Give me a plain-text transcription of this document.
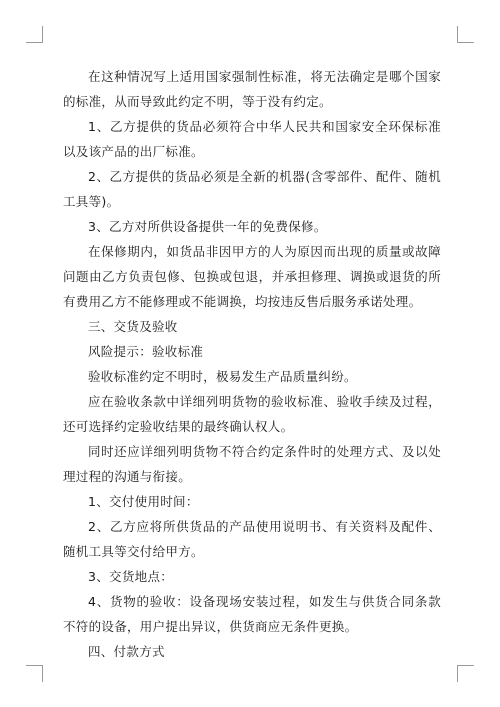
在这种情况写上适用国家强制性标准，将无法确定是哪个国家的标准，从而导致此约定不明，等于没有约定。

1、乙方提供的货品必须符合中华人民共和国家安全环保标准以及该产品的出厂标准。

2、乙方提供的货品必须是全新的机器(含零部件、配件、随机工具等)。

3、乙方对所供设备提供一年的免费保修。

在保修期内，如货品非因甲方的人为原因而出现的质量或故障问题由乙方负责包修、包换或包退，并承担修理、调换或退货的所有费用乙方不能修理或不能调换，均按违反售后服务承诺处理。

三、交货及验收

风险提示：验收标准

验收标准约定不明时，极易发生产品质量纠纷。

应在验收条款中详细列明货物的验收标准、验收手续及过程，还可选择约定验收结果的最终确认权人。

同时还应详细列明货物不符合约定条件时的处理方式、及以处理过程的沟通与衔接。

1、交付使用时间：

2、乙方应将所供货品的产品使用说明书、有关资料及配件、随机工具等交付给甲方。

3、交货地点：

4、货物的验收：设备现场安装过程，如发生与供货合同条款不符的设备，用户提出异议，供货商应无条件更换。

四、付款方式
